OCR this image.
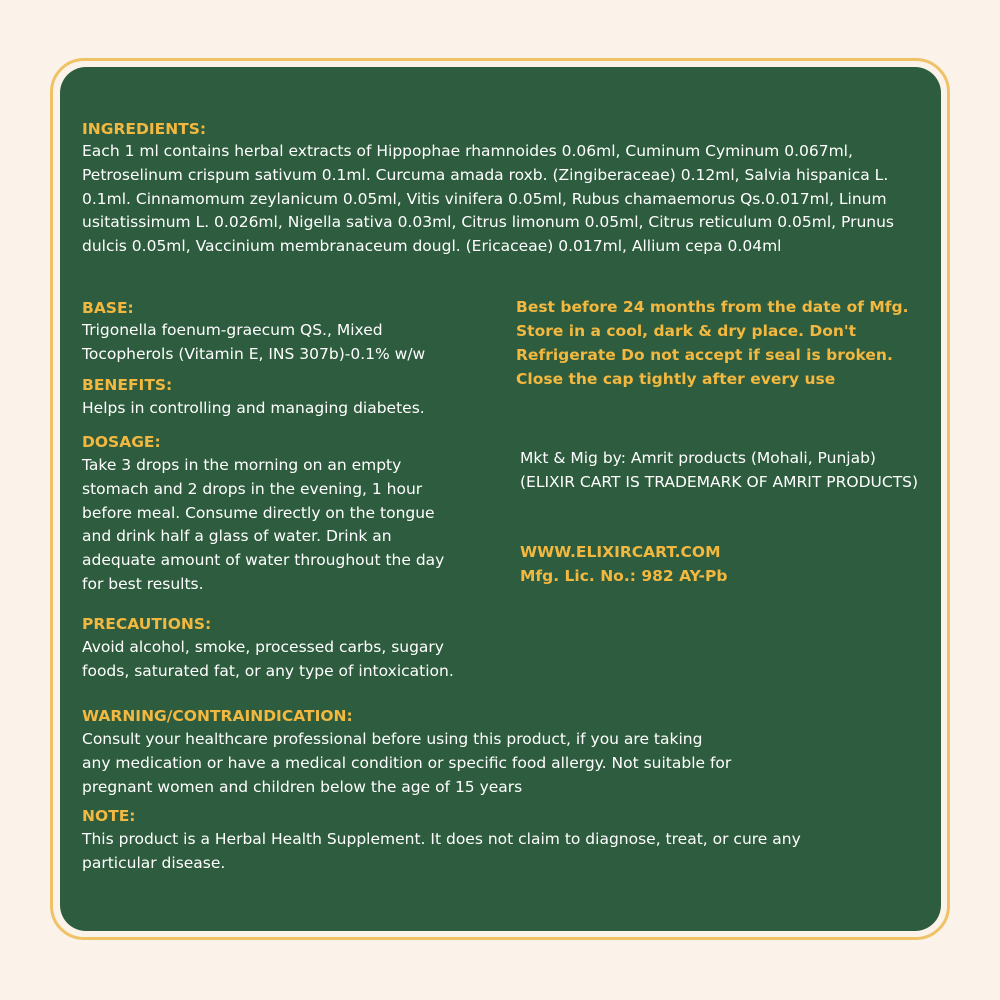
INGREDIENTS:

Each 1 ml contains herbal extracts of Hippophae rhamnoides 0.06ml, Cuminum Cyminum 0.067ml, Petroselinum crispum sativum 0.1ml. Curcuma amada roxb. (Zingiberaceae) 0.12ml, Salvia hispanica L. 0.1ml. Cinnamomum zeylanicum 0.05ml, Vitis vinifera 0.05ml, Rubus chamaemorus Qs.0.017ml, Linum usitatissimum L. 0.026ml, Nigella sativa 0.03ml, Citrus limonum 0.05ml, Citrus reticulum 0.05ml, Prunus dulcis 0.05ml, Vaccinium membranaceum dougl. (Ericaceae) 0.017ml, Allium cepa 0.04ml

BASE:

Trigonella foenum-graecum QS., Mixed Tocopherols (Vitamin E, INS 307b)-0.1% w/w

BENEFITS:

Helps in controlling and managing diabetes.

DOSAGE:

Take 3 drops in the morning on an empty stomach and 2 drops in the evening, 1 hour before meal. Consume directly on the tongue and drink half a glass of water. Drink an adequate amount of water throughout the day for best results.

PRECAUTIONS:

Avoid alcohol, smoke, processed carbs, sugary foods, saturated fat, or any type of intoxication.

WARNING/CONTRAINDICATION:

Consult your healthcare professional before using this product, if you are taking any medication or have a medical condition or specific food allergy. Not suitable for pregnant women and children below the age of 15 years

NOTE:

This product is a Herbal Health Supplement. It does not claim to diagnose, treat, or cure any particular disease.

Best before 24 months from the date of Mfg. Store in a cool, dark & dry place. Don't Refrigerate Do not accept if seal is broken. Close the cap tightly after every use

Mkt & Mig by: Amrit products (Mohali, Punjab) (ELIXIR CART IS TRADEMARK OF AMRIT PRODUCTS)

WWW.ELIXIRCART.COM
Mfg. Lic. No.: 982 AY-Pb
